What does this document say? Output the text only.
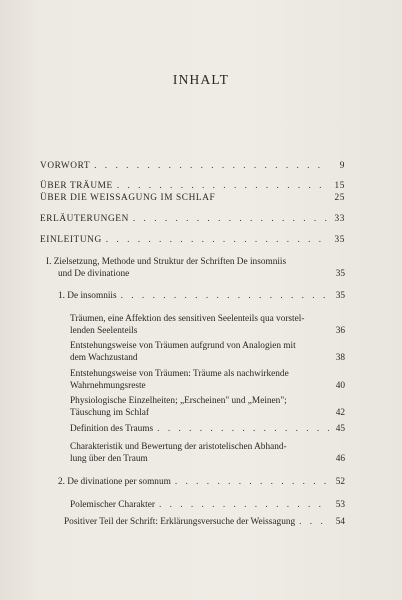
INHALT
VORWORT . . .	9
ÜBER TRÄUME . . .	15
ÜBER DIE WEISSAGUNG IM SCHLAF	25
ERLÄUTERUNGEN . . .	33
EINLEITUNG . . .	35
I. Zielsetzung, Methode und Struktur der Schriften De insomniis
und De divinatione	35
1. De insomniis . . .	35
Träumen, eine Affektion des sensitiven Seelenteils qua vorstel-
lenden Seelenteils	36
Entstehungsweise von Träumen aufgrund von Analogien mit
dem Wachzustand	38
Entstehungsweise von Träumen: Träume als nachwirkende
Wahrnehmungsreste	40
Physiologische Einzelheiten; „Erscheinen" und „Meinen";
Täuschung im Schlaf	42
Definition des Traums . . .	45
Charakteristik und Bewertung der aristotelischen Abhand-
lung über den Traum	46
2. De divinatione per somnum . . .	52
Polemischer Charakter . . .	53
Positiver Teil der Schrift: Erklärungsversuche der Weissagung . . .	54
